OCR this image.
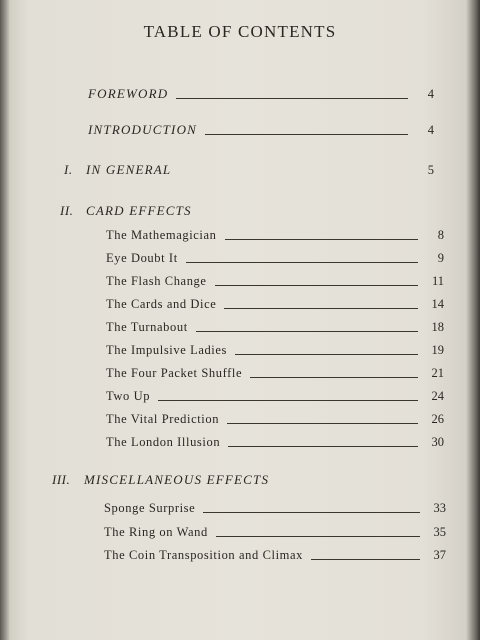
TABLE OF CONTENTS
FOREWORD	4
INTRODUCTION	4
I.	IN GENERAL	5
II. CARD EFFECTS
The Mathemagician	8
Eye Doubt It	9
The Flash Change	11
The Cards and Dice	14
The Turnabout	18
The Impulsive Ladies	19
The Four Packet Shuffle	21
Two Up	24
The Vital Prediction	26
The London Illusion	30
III.	MISCELLANEOUS EFFECTS
Sponge Surprise	33
The Ring on Wand	35
The Coin Transposition and Climax	37
